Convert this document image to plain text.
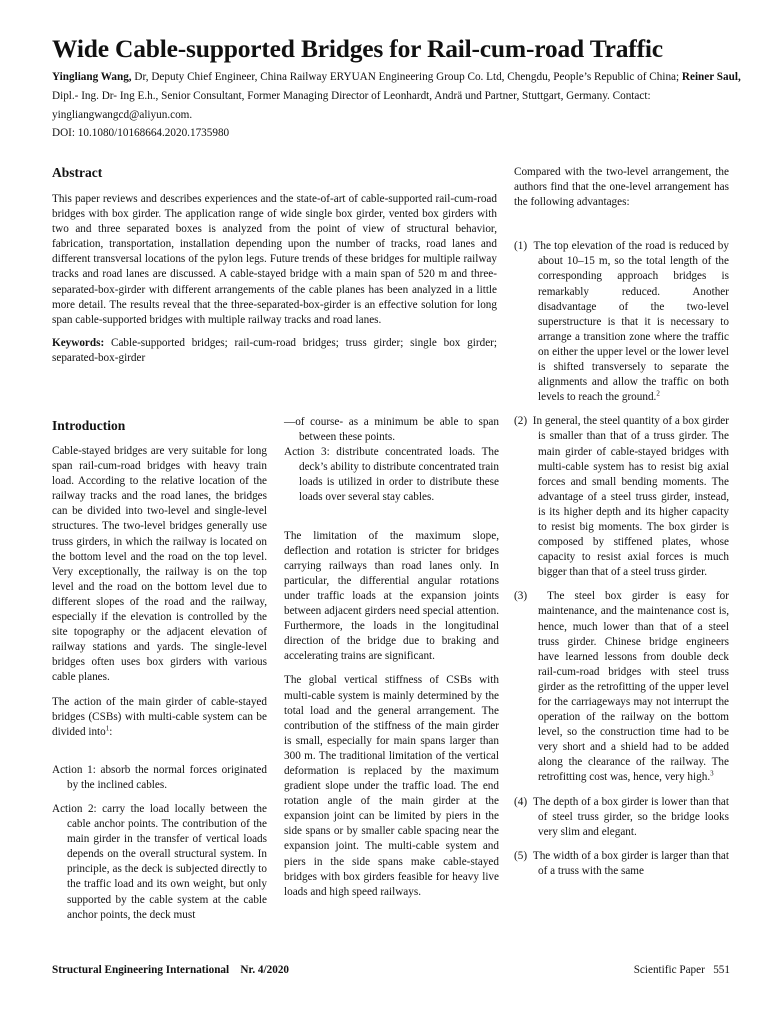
Wide Cable-supported Bridges for Rail-cum-road Traffic
Yingliang Wang, Dr, Deputy Chief Engineer, China Railway ERYUAN Engineering Group Co. Ltd, Chengdu, People’s Republic of China; Reiner Saul, Dipl.- Ing. Dr- Ing E.h., Senior Consultant, Former Managing Director of Leonhardt, Andrä und Partner, Stuttgart, Germany. Contact: yingliangwangcd@aliyun.com.
DOI: 10.1080/10168664.2020.1735980
Abstract
This paper reviews and describes experiences and the state-of-art of cable-supported rail-cum-road bridges with box girder. The application range of wide single box girder, vented box girders with two and three separated boxes is analyzed from the point of view of structural behavior, fabrication, transportation, installation depending upon the number of tracks, road lanes and different transversal locations of the pylon legs. Future trends of these bridges for multiple railway tracks and road lanes are discussed. A cable-stayed bridge with a main span of 520 m and three-separated-box-girder with different arrangements of the cable planes has been analyzed in a little more detail. The results reveal that the three-separated-box-girder is an effective solution for long span cable-supported bridges with multiple railway tracks and road lanes.
Keywords: Cable-supported bridges; rail-cum-road bridges; truss girder; single box girder; separated-box-girder
Introduction

Cable-stayed bridges are very suitable for long span rail-cum-road bridges with heavy train load. According to the relative location of the railway tracks and the road lanes, the bridges can be divided into two-level and single-level structures. The two-level bridges generally use truss girders, in which the railway is located on the bottom level and the road on the top level. Very exceptionally, the railway is on the top level and the road on the bottom level due to different slopes of the road and the railway, especially if the elevation is controlled by the site topography or the adjacent elevation of railway stations and yards. The single-level bridges often uses box girders with various cable planes.

The action of the main girder of cable-stayed bridges (CSBs) with multi-cable system can be divided into$^1$:

Action 1: absorb the normal forces originated by the inclined cables.

Action 2: carry the load locally between the cable anchor points. The contribution of the main girder in the transfer of vertical loads depends on the overall structural system. In principle, as the deck is subjected directly to the traffic load and its own weight, but only supported by the cable system at the cable anchor points, the deck must

—of course- as a minimum be able to span between these points.

Action 3: distribute concentrated loads. The deck’s ability to distribute concentrated train loads is utilized in order to distribute these loads over several stay cables.

The limitation of the maximum slope, deflection and rotation is stricter for bridges carrying railways than road lanes only. In particular, the differential angular rotations under traffic loads at the expansion joints between adjacent girders need special attention. Furthermore, the loads in the longitudinal direction of the bridge due to braking and accelerating trains are significant.

The global vertical stiffness of CSBs with multi-cable system is mainly determined by the total load and the general arrangement. The contribution of the stiffness of the main girder is small, especially for main spans larger than 300 m. The traditional limitation of the vertical deformation is replaced by the maximum gradient slope under the traffic load. The end rotation angle of the main girder at the expansion joint can be limited by piers in the side spans or by smaller cable spacing near the expansion joint. The multi-cable system and piers in the side spans make cable-stayed bridges with box girders feasible for heavy live loads and high speed railways.

Compared with the two-level arrangement, the authors find that the one-level arrangement has the following advantages:

(1) The top elevation of the road is reduced by about 10–15 m, so the total length of the corresponding approach bridges is remarkably reduced. Another disadvantage of the two-level superstructure is that it is necessary to arrange a transition zone where the traffic on either the upper level or the lower level is shifted transversely to separate the alignments and allow the traffic on both levels to reach the ground.$^2$

(2) In general, the steel quantity of a box girder is smaller than that of a truss girder. The main girder of cable-stayed bridges with multi-cable system has to resist big axial forces and small bending moments. The advantage of a steel truss girder, instead, is its higher depth and its higher capacity to resist big moments. The box girder is composed by stiffened plates, whose capacity to resist axial forces is much bigger than that of a steel truss girder.

(3) The steel box girder is easy for maintenance, and the maintenance cost is, hence, much lower than that of a steel truss girder. Chinese bridge engineers have learned lessons from double deck rail-cum-road bridges with steel truss girder as the retrofitting of the upper level for the carriageways may not interrupt the operation of the railway on the bottom level, so the construction time had to be very short and a shield had to be added along the clearance of the railway. The retrofitting cost was, hence, very high.$^3$

(4) The depth of a box girder is lower than that of steel truss girder, so the bridge looks very slim and elegant.

(5) The width of a box girder is larger than that of a truss with the same

Structural Engineering International    Nr. 4/2020	Scientific Paper   551
